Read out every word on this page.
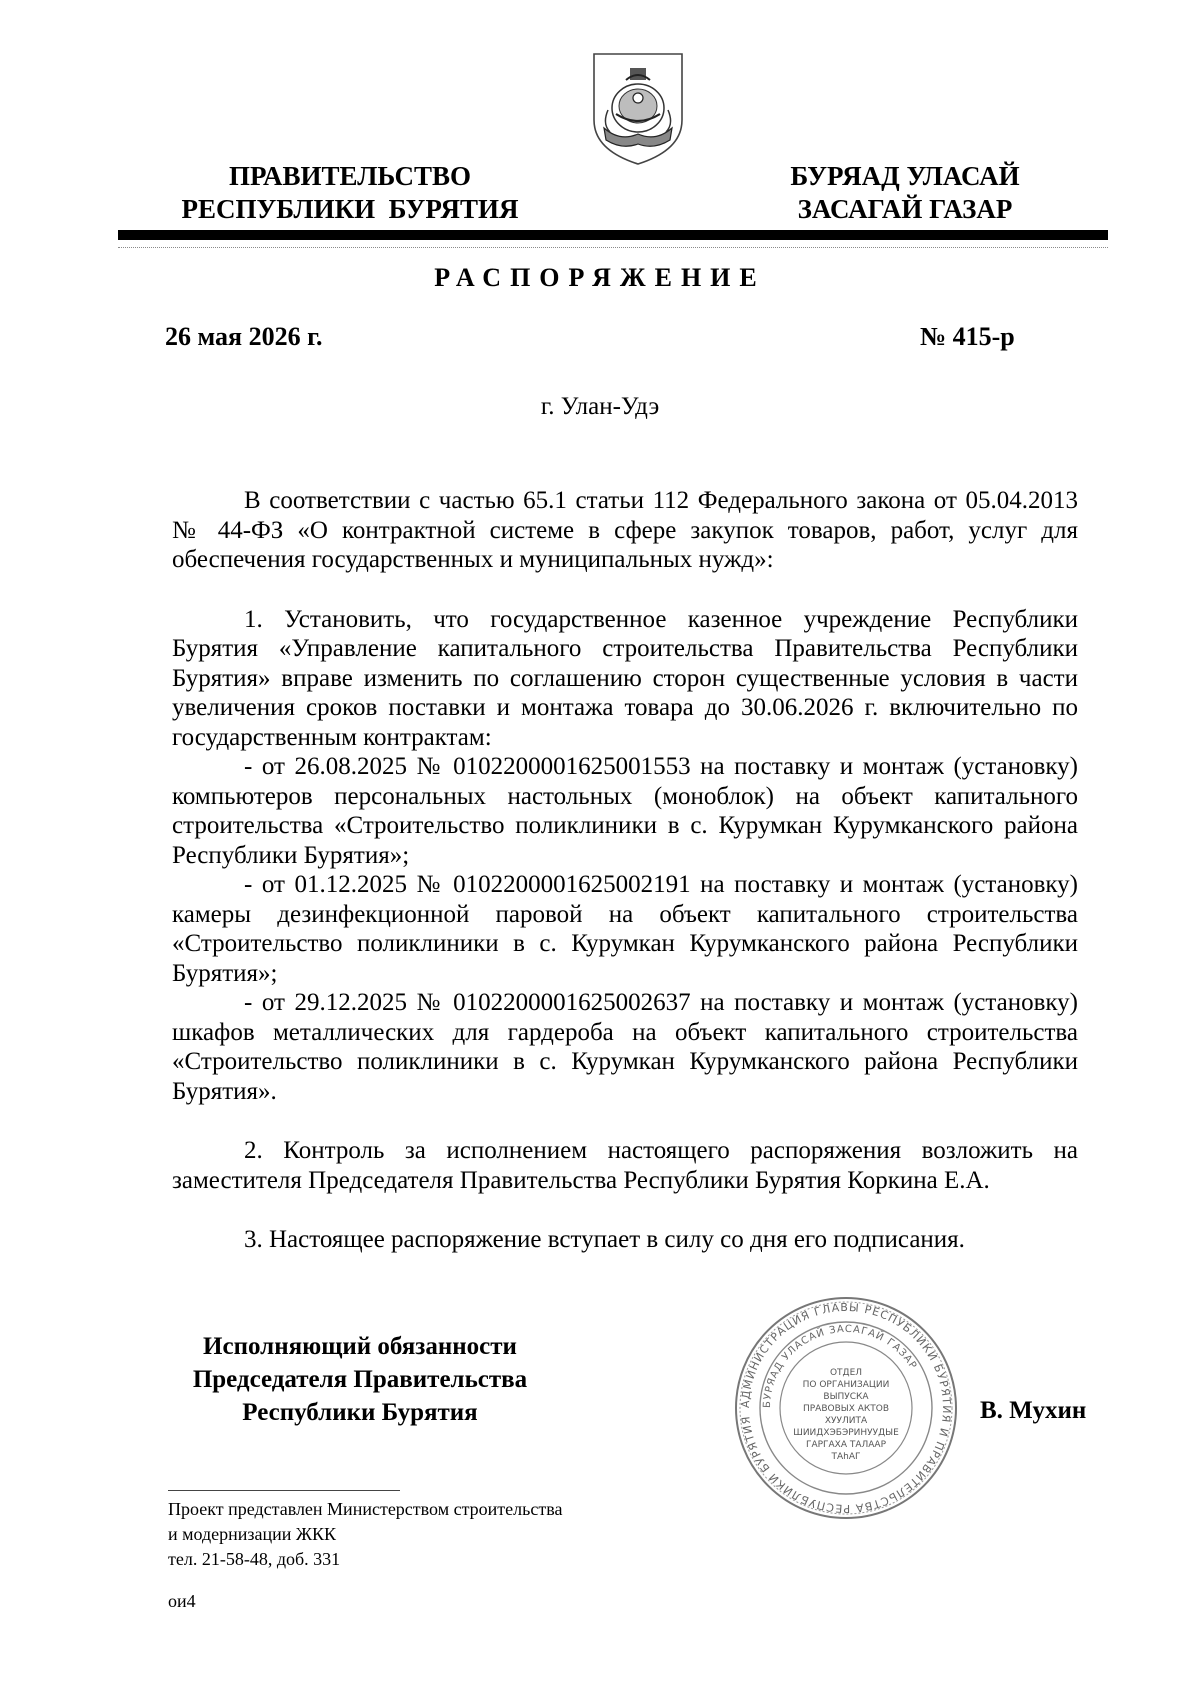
ПРАВИТЕЛЬСТВО
РЕСПУБЛИКИ  БУРЯТИЯ
БУРЯАД УЛАСАЙ
ЗАСАГАЙ ГАЗАР
РАСПОРЯЖЕНИЕ
26 мая 2026 г.	№ 415-р
г. Улан-Удэ

В соответствии с частью 65.1 статьи 112 Федерального закона от 05.04.2013 № 44-ФЗ «О контрактной системе в сфере закупок товаров, работ, услуг для обеспечения государственных и муниципальных нужд»:

1. Установить, что государственное казенное учреждение Республики Бурятия «Управление капитального строительства Правительства Республики Бурятия» вправе изменить по соглашению сторон существенные условия в части увеличения сроков поставки и монтажа товара до 30.06.2026 г. включительно по государственным контрактам:

- от 26.08.2025 № 0102200001625001553 на поставку и монтаж (установку) компьютеров персональных настольных (моноблок) на объект капитального строительства «Строительство поликлиники в с. Курумкан Курумканского района Республики Бурятия»;

- от 01.12.2025 № 0102200001625002191 на поставку и монтаж (установку) камеры дезинфекционной паровой на объект капитального строительства «Строительство поликлиники в с. Курумкан Курумканского района Республики Бурятия»;

- от 29.12.2025 № 0102200001625002637 на поставку и монтаж (установку) шкафов металлических для гардероба на объект капитального строительства «Строительство поликлиники в с. Курумкан Курумканского района Республики Бурятия».

2. Контроль за исполнением настоящего распоряжения возложить на заместителя Председателя Правительства Республики Бурятия Коркина Е.А.

3. Настоящее распоряжение вступает в силу со дня его подписания.

Исполняющий обязанности
Председателя Правительства
Республики Бурятия	АДМИНИСТРАЦИЯ ГЛАВЫ РЕСПУБЛИКИ БУРЯТИЯ И ПРАВИТЕЛЬСТВА РЕСПУБЛИКИ БУРЯТИЯ
БУРЯАД УЛАСАЙ ЗАСАГАЙ ГАЗАР
ОТДЕЛ
ПО ОРГАНИЗАЦИИ
ВЫПУСКА
ПРАВОВЫХ АКТОВ
ХУУЛИТА
ШИИДХЭБЭРИНУУДЫЕ
ГАРГАХА ТАЛААР
ТАһАГ
В. Мухин
Проект представлен Министерством строительства
и модернизации ЖКК
тел. 21-58-48, доб. 331
ои4
